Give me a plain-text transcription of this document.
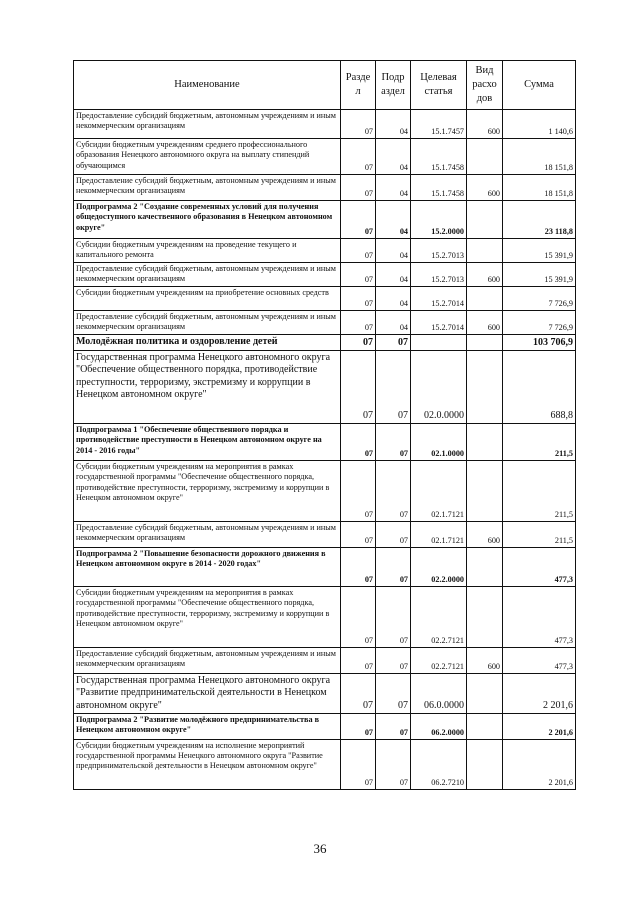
Наименование	Разде л	Подр аздел	Целевая статья	Вид расхо дов	Сумма
Предоставление субсидий бюджетным, автономным учреждениям и иным некоммерческим организациям	07	04	15.1.7457	600	1 140,6
Субсидии бюджетным учреждениям среднего профессионального образования Ненецкого автономного округа на выплату стипендий обучающимся	07	04	15.1.7458		18 151,8
Предоставление субсидий бюджетным, автономным учреждениям и иным некоммерческим организациям	07	04	15.1.7458	600	18 151,8
Подпрограмма 2 "Создание современных условий для получения общедоступного качественного образования в Ненецком автономном округе"	07	04	15.2.0000		23 118,8
Субсидии бюджетным учреждениям на проведение текущего и капитального ремонта	07	04	15.2.7013		15 391,9
Предоставление субсидий бюджетным, автономным учреждениям и иным некоммерческим организациям	07	04	15.2.7013	600	15 391,9
Субсидии бюджетным учреждениям на приобретение основных средств	07	04	15.2.7014		7 726,9
Предоставление субсидий бюджетным, автономным учреждениям и иным некоммерческим организациям	07	04	15.2.7014	600	7 726,9
Молодёжная политика и оздоровление детей	07	07			103 706,9
Государственная программа Ненецкого автономного округа "Обеспечение общественного порядка, противодействие преступности, терроризму, экстремизму и коррупции в Ненецком автономном округе"	07	07	02.0.0000		688,8
Подпрограмма 1 "Обеспечение общественного порядка и противодействие преступности в Ненецком автономном округе на 2014 - 2016 годы"	07	07	02.1.0000		211,5
Субсидии бюджетным учреждениям на мероприятия в рамках государственной программы "Обеспечение общественного порядка, противодействие преступности, терроризму, экстремизму и коррупции в Ненецком автономном округе"	07	07	02.1.7121		211,5
Предоставление субсидий бюджетным, автономным учреждениям и иным некоммерческим организациям	07	07	02.1.7121	600	211,5
Подпрограмма 2 "Повышение безопасности дорожного движения в Ненецком автономном округе в 2014 - 2020 годах"	07	07	02.2.0000		477,3
Субсидии бюджетным учреждениям на мероприятия в рамках государственной программы "Обеспечение общественного порядка, противодействие преступности, терроризму, экстремизму и коррупции в Ненецком автономном округе"	07	07	02.2.7121		477,3
Предоставление субсидий бюджетным, автономным учреждениям и иным некоммерческим организациям	07	07	02.2.7121	600	477,3
Государственная программа Ненецкого автономного округа "Развитие предпринимательской деятельности в Ненецком автономном округе"	07	07	06.0.0000		2 201,6
Подпрограмма 2 "Развитие молодёжного предпринимательства в Ненецком автономном округе"	07	07	06.2.0000		2 201,6
Субсидии бюджетным учреждениям на исполнение мероприятий государственной программы Ненецкого автономного округа "Развитие предпринимательской деятельности в Ненецком автономном округе"	07	07	06.2.7210		2 201,6
36
